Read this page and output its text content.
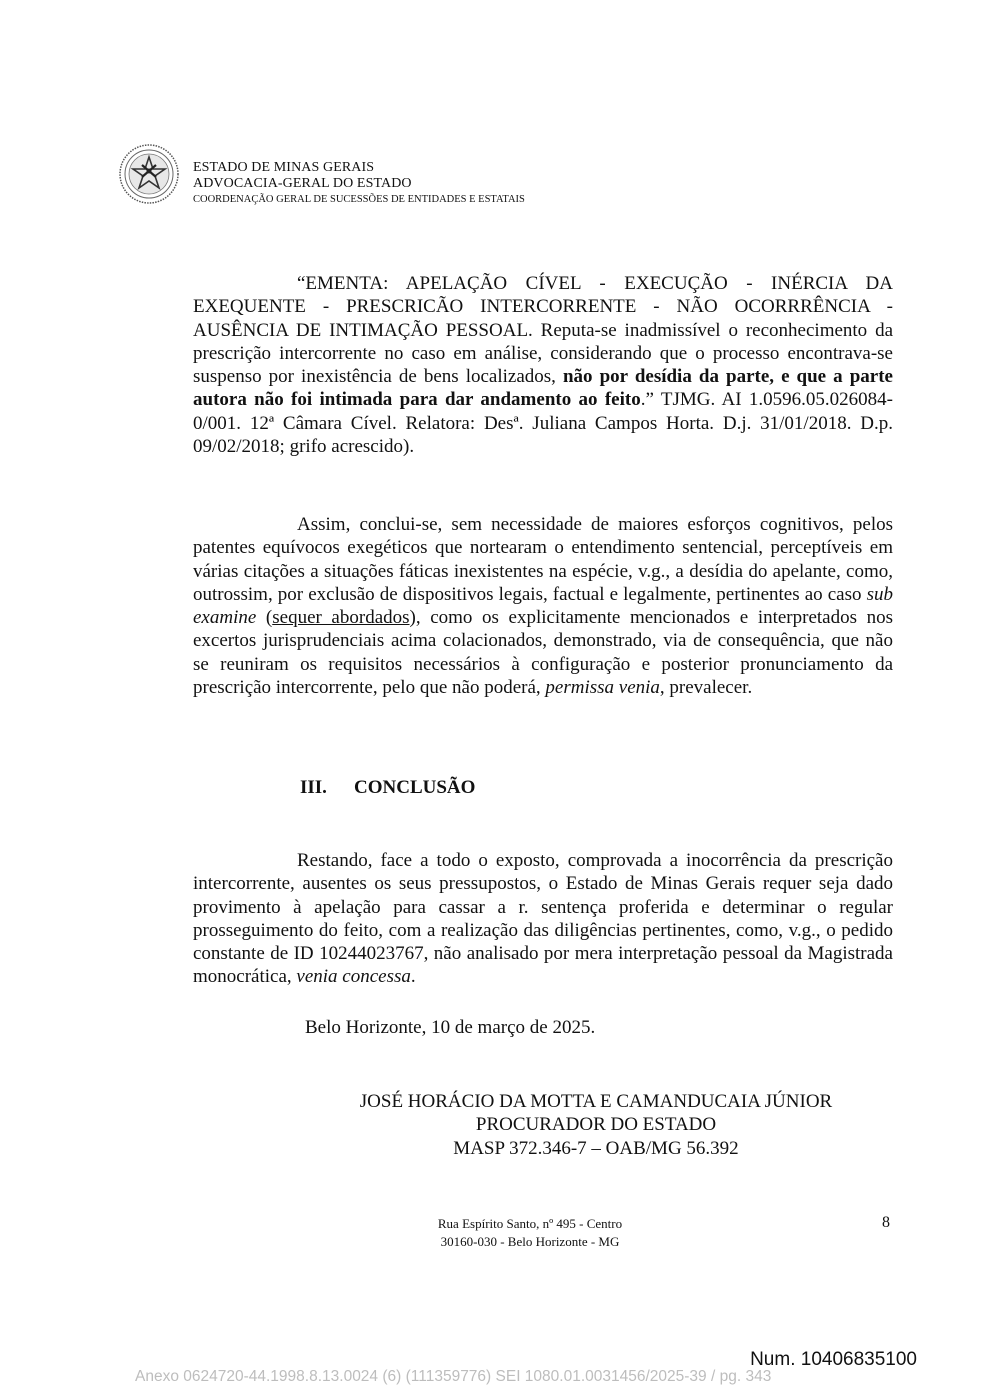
ESTADO DE MINAS GERAIS
ADVOCACIA-GERAL DO ESTADO
COORDENAÇÃO GERAL DE SUCESSÕES DE ENTIDADES E ESTATAIS

“EMENTA: APELAÇÃO CÍVEL - EXECUÇÃO - INÉRCIA DA EXEQUENTE - PRESCRICÃO INTERCORRENTE - NÃO OCORRRÊNCIA - AUSÊNCIA DE INTIMAÇÃO PESSOAL. Reputa-se inadmissível o reconhecimento da prescrição intercorrente no caso em análise, considerando que o processo encontrava-se suspenso por inexistência de bens localizados, não por desídia da parte, e que a parte autora não foi intimada para dar andamento ao feito.” TJMG. AI 1.0596.05.026084-0/001. 12ª Câmara Cível. Relatora: Desª. Juliana Campos Horta. D.j. 31/01/2018. D.p. 09/02/2018; grifo acrescido).

Assim, conclui-se, sem necessidade de maiores esforços cognitivos, pelos patentes equívocos exegéticos que nortearam o entendimento sentencial, perceptíveis em várias citações a situações fáticas inexistentes na espécie, v.g., a desídia do apelante, como, outrossim, por exclusão de dispositivos legais, factual e legalmente, pertinentes ao caso sub examine (sequer abordados), como os explicitamente mencionados e interpretados nos excertos jurisprudenciais acima colacionados, demonstrado, via de consequência, que não se reuniram os requisitos necessários à configuração e posterior pronunciamento da prescrição intercorrente, pelo que não poderá, permissa venia, prevalecer.

III. CONCLUSÃO

Restando, face a todo o exposto, comprovada a inocorrência da prescrição intercorrente, ausentes os seus pressupostos, o Estado de Minas Gerais requer seja dado provimento à apelação para cassar a r. sentença proferida e determinar o regular prosseguimento do feito, com a realização das diligências pertinentes, como, v.g., o pedido constante de ID 10244023767, não analisado por mera interpretação pessoal da Magistrada monocrática, venia concessa.

Belo Horizonte, 10 de março de 2025.
JOSÉ HORÁCIO DA MOTTA E CAMANDUCAIA JÚNIOR
PROCURADOR DO ESTADO
MASP 372.346-7 – OAB/MG 56.392
Rua Espírito Santo, nº 495 - Centro
30160-030 - Belo Horizonte - MG
8
Num. 10406835100
Anexo 0624720-44.1998.8.13.0024 (6) (111359776) SEI 1080.01.0031456/2025-39 / pg. 343
